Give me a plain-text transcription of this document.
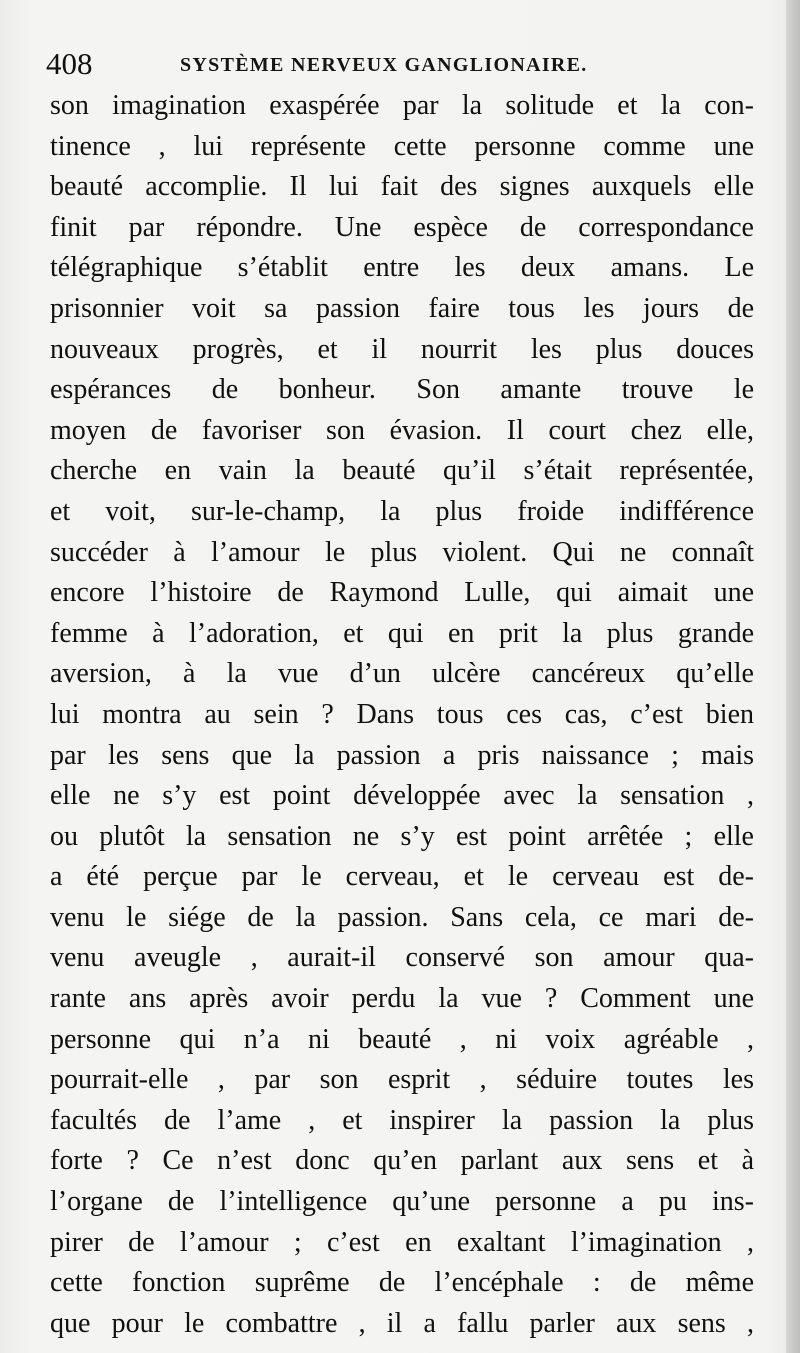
408	SYSTÈME NERVEUX GANGLIONAIRE.
son imagination exaspérée par la solitude et la con-
tinence , lui représente cette personne comme une
beauté accomplie. Il lui fait des signes auxquels elle
finit par répondre. Une espèce de correspondance
télégraphique s’établit entre les deux amans. Le
prisonnier voit sa passion faire tous les jours de
nouveaux progrès, et il nourrit les plus douces
espérances de bonheur. Son amante trouve le
moyen de favoriser son évasion. Il court chez elle,
cherche en vain la beauté qu’il s’était représentée,
et voit, sur-le-champ, la plus froide indifférence
succéder à l’amour le plus violent. Qui ne connaît
encore l’histoire de Raymond Lulle, qui aimait une
femme à l’adoration, et qui en prit la plus grande
aversion, à la vue d’un ulcère cancéreux qu’elle
lui montra au sein ? Dans tous ces cas, c’est bien
par les sens que la passion a pris naissance ; mais
elle ne s’y est point développée avec la sensation ,
ou plutôt la sensation ne s’y est point arrêtée ; elle
a été perçue par le cerveau, et le cerveau est de-
venu le siége de la passion. Sans cela, ce mari de-
venu aveugle , aurait-il conservé son amour qua-
rante ans après avoir perdu la vue ? Comment une
personne qui n’a ni beauté , ni voix agréable ,
pourrait-elle , par son esprit , séduire toutes les
facultés de l’ame , et inspirer la passion la plus
forte ? Ce n’est donc qu’en parlant aux sens et à
l’organe de l’intelligence qu’une personne a pu ins-
pirer de l’amour ; c’est en exaltant l’imagination ,
cette fonction suprême de l’encéphale : de même
que pour le combattre , il a fallu parler aux sens ,
